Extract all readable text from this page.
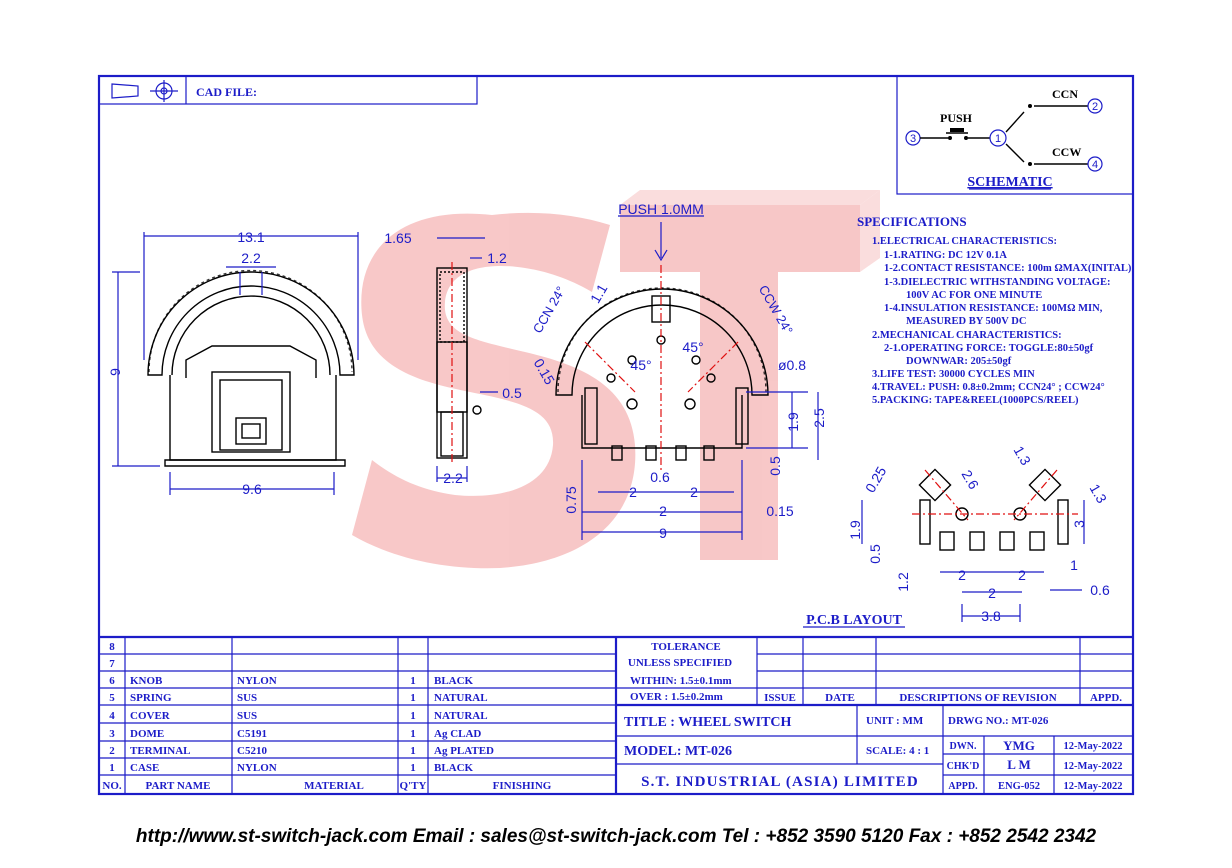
CAD FILE:
3
PUSH
1
2
CCN
4
CCW
SCHEMATIC
SPECIFICATIONS
1.ELECTRICAL CHARACTERISTICS:
1-1.RATING: DC 12V 0.1A
1-2.CONTACT RESISTANCE: 100m ΩMAX(INITAL)
1-3.DIELECTRIC WITHSTANDING VOLTAGE:
100V AC FOR ONE MINUTE
1-4.INSULATION RESISTANCE: 100MΩ MIN,
MEASURED BY 500V DC
2.MECHANICAL CHARACTERISTICS:
2-1.OPERATING FORCE: TOGGLE:80±50gf
DOWNWAR: 205±50gf
3.LIFE TEST: 30000 CYCLES MIN
4.TRAVEL: PUSH: 0.8±0.2mm; CCN24° ; CCW24°
5.PACKING: TAPE&REEL(1000PCS/REEL)
2.2
13.1
9
9.6
1.65
1.2
0.5
2.2
PUSH 1.0MM
CCN 24°	CCW 24°
1.1
45°
45°
0.15	ø0.8
1.9 2.5
0.5
0.6
2	2
2	0.15
0.75
9
1.3
0.25	2.6
1.3
1.9
0.5
1.2	2	2
2
1
0.6
3.8
3
P.C.B LAYOUT
8
7
6 KNOB	NYLON	1 BLACK
5 SPRING	SUS	1 NATURAL
4 COVER	SUS	1 NATURAL
3 DOME	C5191	1 Ag CLAD
2 TERMINAL	C5210	1 Ag PLATED
1 CASE	NYLON	1 BLACK
NO. PART NAME	MATERIAL	Q'TY	FINISHING
TOLERANCE
UNLESS SPECIFIED
WITHIN: 1.5±0.1mm
OVER : 1.5±0.2mm	ISSUE	DATE	DESCRIPTIONS OF REVISION	APPD.
TITLE : WHEEL SWITCH	UNIT : MM DRWG NO.: MT-026
MODEL: MT-026	SCALE: 4 : 1
S.T. INDUSTRIAL (ASIA) LIMITED
DWN. YMG	12-May-2022
CHK'D L M	12-May-2022
APPD. ENG-052 12-May-2022
http://www.st-switch-jack.com Email : sales@st-switch-jack.com Tel : +852 3590 5120 Fax : +852 2542 2342
